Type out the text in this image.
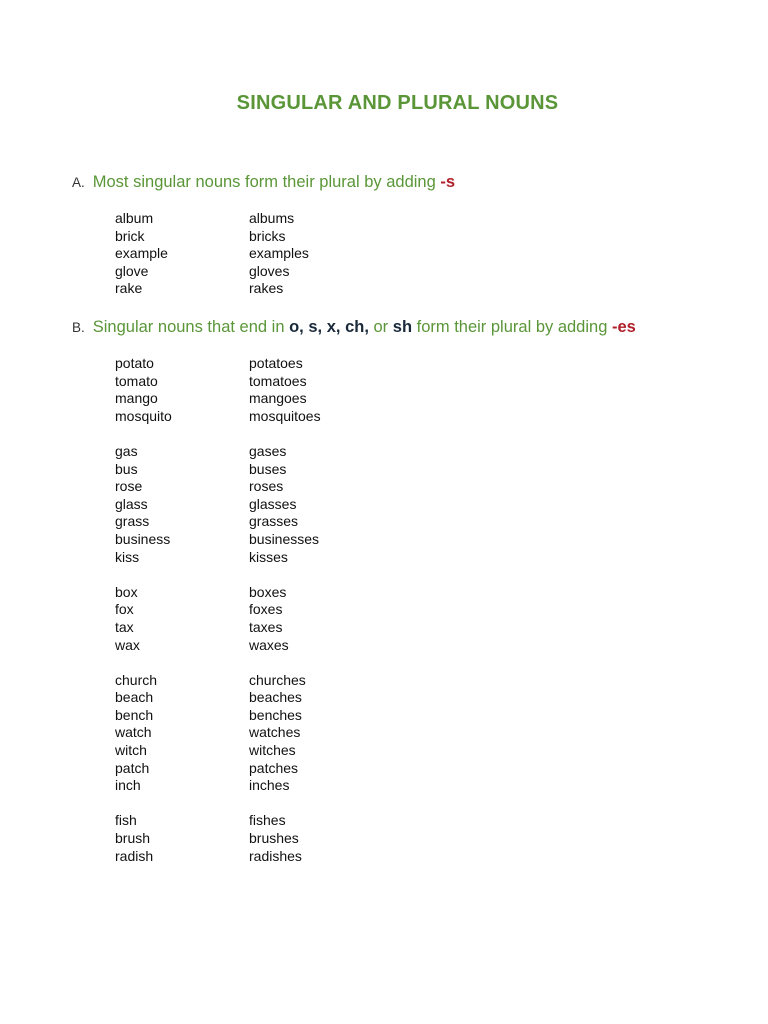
SINGULAR AND PLURAL NOUNS
A. Most singular nouns form their plural by adding -s
album	albums
brick	bricks
example	examples
glove	gloves
rake	rakes
B. Singular nouns that end in o, s, x, ch, or sh form their plural by adding -es
potato	potatoes
tomato	tomatoes
mango	mangoes
mosquito	mosquitoes
gas	gases
bus	buses
rose	roses
glass	glasses
grass	grasses
business	businesses
kiss	kisses
box	boxes
fox	foxes
tax	taxes
wax	waxes
church	churches
beach	beaches
bench	benches
watch	watches
witch	witches
patch	patches
inch	inches
fish	fishes
brush	brushes
radish	radishes
